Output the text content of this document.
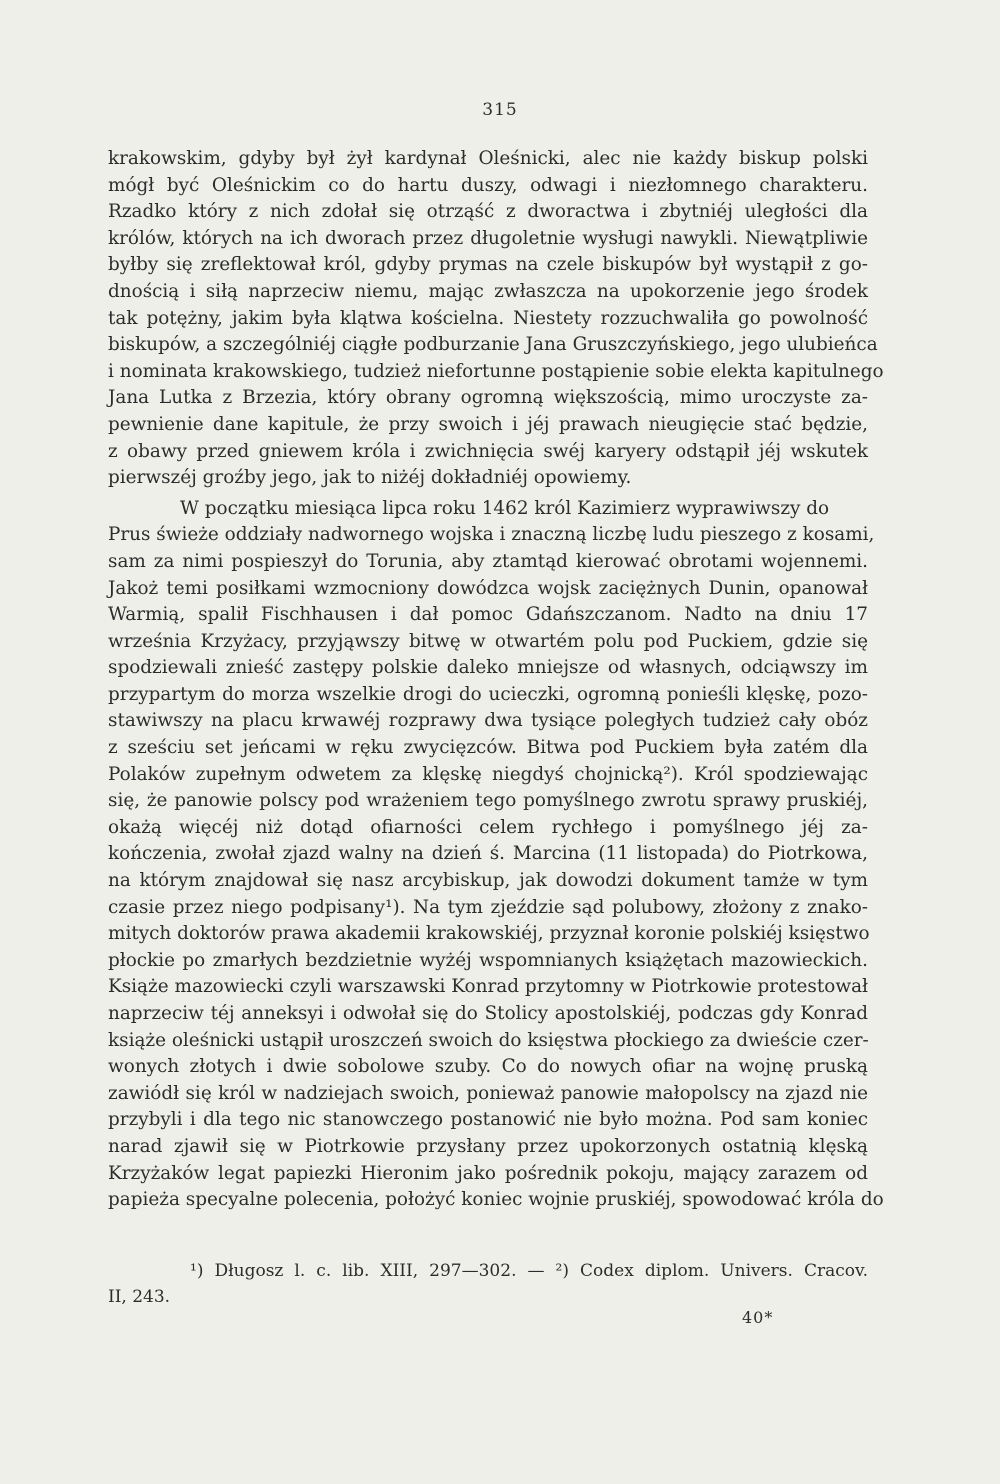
315
krakowskim, gdyby był żył kardynał Oleśnicki, alec nie każdy biskup polski
mógł być Oleśnickim co do hartu duszy, odwagi i niezłomnego charakteru.
Rzadko który z nich zdołał się otrząść z dworactwa i zbytniéj uległości dla
królów, których na ich dworach przez długoletnie wysługi nawykli. Niewątpliwie
byłby się zreflektował król, gdyby prymas na czele biskupów był wystąpił z go-
dnością i siłą naprzeciw niemu, mając zwłaszcza na upokorzenie jego środek
tak potężny, jakim była klątwa kościelna. Niestety rozzuchwaliła go powolność
biskupów, a szczególniéj ciągłe podburzanie Jana Gruszczyńskiego, jego ulubieńca
i nominata krakowskiego, tudzież niefortunne postąpienie sobie elekta kapitulnego
Jana Lutka z Brzezia, który obrany ogromną większością, mimo uroczyste za-
pewnienie dane kapitule, że przy swoich i jéj prawach nieugięcie stać będzie,
z obawy przed gniewem króla i zwichnięcia swéj karyery odstąpił jéj wskutek
pierwszéj groźby jego, jak to niżéj dokładniéj opowiemy.
W początku miesiąca lipca roku 1462 król Kazimierz wyprawiwszy do
Prus świeże oddziały nadwornego wojska i znaczną liczbę ludu pieszego z kosami,
sam za nimi pospieszył do Torunia, aby ztamtąd kierować obrotami wojennemi.
Jakoż temi posiłkami wzmocniony dowódzca wojsk zaciężnych Dunin, opanował
Warmią, spalił Fischhausen i dał pomoc Gdańszczanom. Nadto na dniu 17
września Krzyżacy, przyjąwszy bitwę w otwartém polu pod Puckiem, gdzie się
spodziewali znieść zastępy polskie daleko mniejsze od własnych, odciąwszy im
przypartym do morza wszelkie drogi do ucieczki, ogromną ponieśli klęskę, pozo-
stawiwszy na placu krwawéj rozprawy dwa tysiące poległych tudzież cały obóz
z sześciu set jeńcami w ręku zwycięzców. Bitwa pod Puckiem była zatém dla
Polaków zupełnym odwetem za klęskę niegdyś chojnicką²). Król spodziewając
się, że panowie polscy pod wrażeniem tego pomyślnego zwrotu sprawy pruskiéj,
okażą więcéj niż dotąd ofiarności celem rychłego i pomyślnego jéj za-
kończenia, zwołał zjazd walny na dzień ś. Marcina (11 listopada) do Piotrkowa,
na którym znajdował się nasz arcybiskup, jak dowodzi dokument tamże w tym
czasie przez niego podpisany¹). Na tym zjeździe sąd polubowy, złożony z znako-
mitych doktorów prawa akademii krakowskiéj, przyznał koronie polskiéj księstwo
płockie po zmarłych bezdzietnie wyżéj wspomnianych książętach mazowieckich.
Książe mazowiecki czyli warszawski Konrad przytomny w Piotrkowie protestował
naprzeciw téj anneksyi i odwołał się do Stolicy apostolskiéj, podczas gdy Konrad
książe oleśnicki ustąpił uroszczeń swoich do księstwa płockiego za dwieście czer-
wonych złotych i dwie sobolowe szuby. Co do nowych ofiar na wojnę pruską
zawiódł się król w nadziejach swoich, ponieważ panowie małopolscy na zjazd nie
przybyli i dla tego nic stanowczego postanowić nie było można. Pod sam koniec
narad zjawił się w Piotrkowie przysłany przez upokorzonych ostatnią klęską
Krzyżaków legat papiezki Hieronim jako pośrednik pokoju, mający zarazem od
papieża specyalne polecenia, położyć koniec wojnie pruskiéj, spowodować króla do
¹) Długosz l. c. lib. XIII, 297—302. — ²) Codex diplom. Univers. Cracov.
II, 243.
40*
